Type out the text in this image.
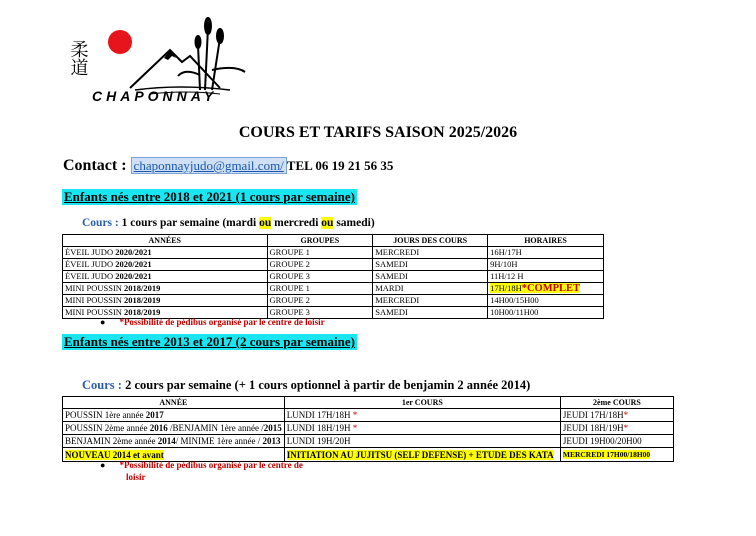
柔道
CHAPONNAY
COURS ET TARIFS SAISON 2025/2026
Contact : chaponnayjudo@gmail.com/ TEL 06 19 21 56 35
Enfants nés entre 2018 et 2021 (1 cours par semaine)
Cours : 1 cours par semaine (mardi ou mercredi ou samedi)
ANNÉES	GROUPES	JOURS DES COURS	HORAIRES
ÉVEIL JUDO 2020/2021	GROUPE 1	MERCREDI	16H/17H
ÉVEIL JUDO 2020/2021	GROUPE 2	SAMEDI	9H/10H
ÉVEIL JUDO 2020/2021	GROUPE 3	SAMEDI	11H/12 H
MINI POUSSIN 2018/2019	GROUPE 1	MARDI	17H/18H*COMPLET
MINI POUSSIN 2018/2019	GROUPE 2	MERCREDI	14H00/15H00
MINI POUSSIN 2018/2019	GROUPE 3	SAMEDI	10H00/11H00
● *Possibilité de pédibus organisé par le centre de loisir
Enfants nés entre 2013 et 2017 (2 cours par semaine)
Cours : 2 cours par semaine (+ 1 cours optionnel à partir de benjamin 2 année 2014)
ANNÉE	1er COURS	2ème COURS
POUSSIN 1ère année 2017	LUNDI 17H/18H *	JEUDI 17H/18H*
POUSSIN 2ème année 2016 /BENJAMIN 1ère année /2015	LUNDI 18H/19H *	JEUDI 18H/19H*
BENJAMIN 2ème année 2014/ MINIME 1ère année / 2013	LUNDI 19H/20H	JEUDI 19H00/20H00
NOUVEAU 2014 et avant	INITIATION AU JUJITSU (SELF DEFENSE) + ETUDE DES KATA	MERCREDI 17H00/18H00
● *Possibilité de pédibus organisé par le centre de
loisir
